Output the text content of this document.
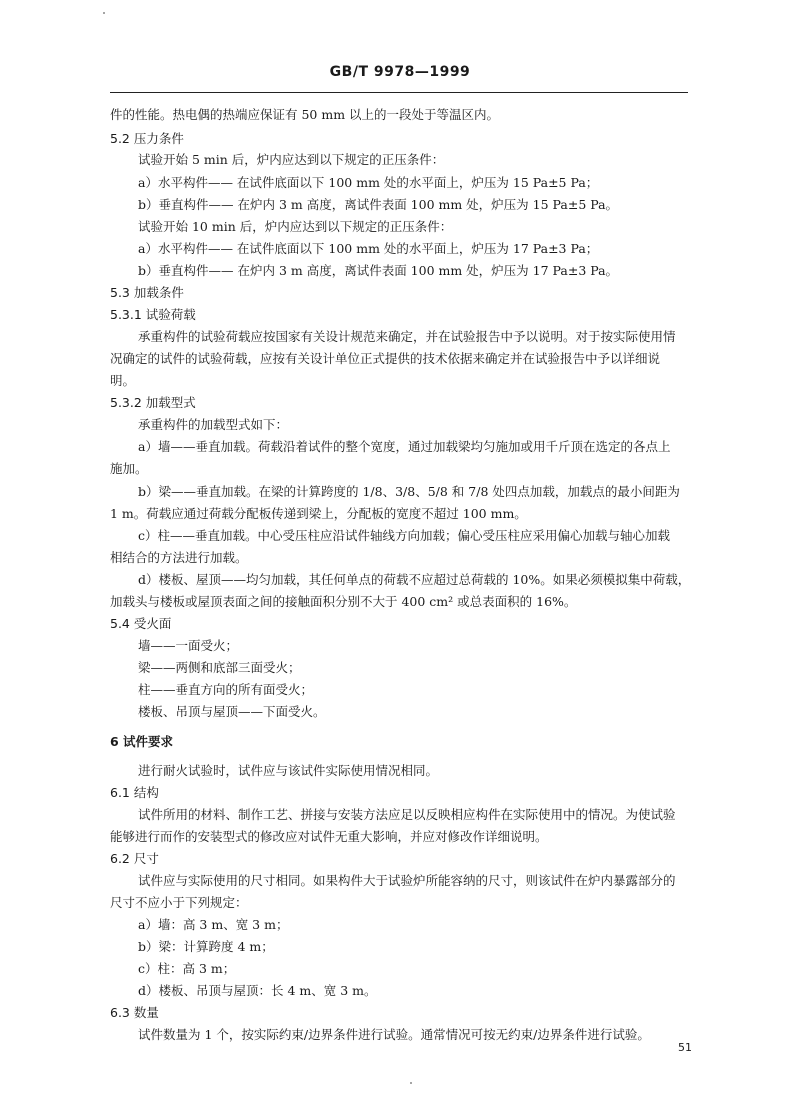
GB/T 9978—1999
件的性能。热电偶的热端应保证有 50 mm 以上的一段处于等温区内。
5.2 压力条件
试验开始 5 min 后，炉内应达到以下规定的正压条件：
a）水平构件—— 在试件底面以下 100 mm 处的水平面上，炉压为 15 Pa±5 Pa；
b）垂直构件—— 在炉内 3 m 高度，离试件表面 100 mm 处，炉压为 15 Pa±5 Pa。
试验开始 10 min 后，炉内应达到以下规定的正压条件：
a）水平构件—— 在试件底面以下 100 mm 处的水平面上，炉压为 17 Pa±3 Pa；
b）垂直构件—— 在炉内 3 m 高度，离试件表面 100 mm 处，炉压为 17 Pa±3 Pa。
5.3 加载条件
5.3.1 试验荷载
承重构件的试验荷载应按国家有关设计规范来确定，并在试验报告中予以说明。对于按实际使用情
况确定的试件的试验荷载，应按有关设计单位正式提供的技术依据来确定并在试验报告中予以详细说
明。
5.3.2 加载型式
承重构件的加载型式如下：
a）墙——垂直加载。荷载沿着试件的整个宽度，通过加载梁均匀施加或用千斤顶在选定的各点上
施加。
b）梁——垂直加载。在梁的计算跨度的 1/8、3/8、5/8 和 7/8 处四点加载，加载点的最小间距为
1 m。荷载应通过荷载分配板传递到梁上，分配板的宽度不超过 100 mm。
c）柱——垂直加载。中心受压柱应沿试件轴线方向加载；偏心受压柱应采用偏心加载与轴心加载
相结合的方法进行加载。
d）楼板、屋顶——均匀加载，其任何单点的荷载不应超过总荷载的 10%。如果必须模拟集中荷载，
加载头与楼板或屋顶表面之间的接触面积分别不大于 400 cm² 或总表面积的 16%。
5.4 受火面
墙——一面受火；
梁——两侧和底部三面受火；
柱——垂直方向的所有面受火；
楼板、吊顶与屋顶——下面受火。
6 试件要求
进行耐火试验时，试件应与该试件实际使用情况相同。
6.1 结构
试件所用的材料、制作工艺、拼接与安装方法应足以反映相应构件在实际使用中的情况。为使试验
能够进行而作的安装型式的修改应对试件无重大影响，并应对修改作详细说明。
6.2 尺寸
试件应与实际使用的尺寸相同。如果构件大于试验炉所能容纳的尺寸，则该试件在炉内暴露部分的
尺寸不应小于下列规定：
a）墙：高 3 m、宽 3 m；
b）梁：计算跨度 4 m；
c）柱：高 3 m；
d）楼板、吊顶与屋顶：长 4 m、宽 3 m。
6.3 数量
试件数量为 1 个，按实际约束/边界条件进行试验。通常情况可按无约束/边界条件进行试验。
51
